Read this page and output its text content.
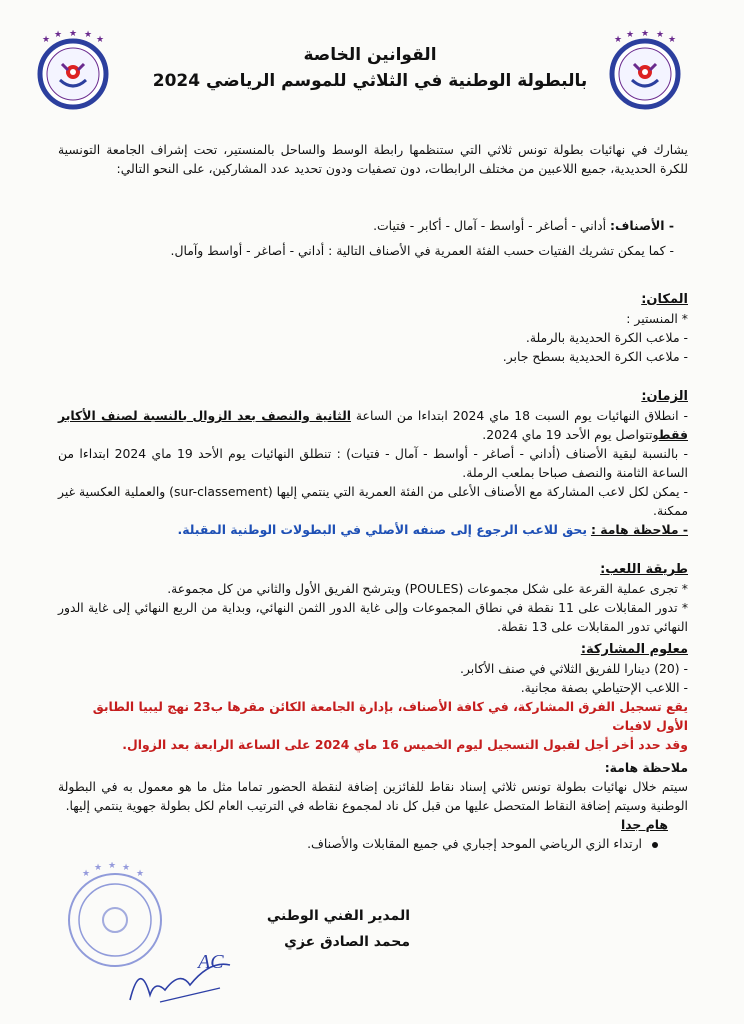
★ ★ ★ ★ ★	★ ★ ★ ★ ★
القوانين الخاصة
بالبطولة الوطنية في الثلاثي للموسم الرياضي 2024
يشارك في نهائيات بطولة تونس ثلاثي التي ستنظمها رابطة الوسط والساحل بالمنستير، تحت إشراف الجامعة التونسية للكرة الحديدية، جميع اللاعبين من مختلف الرابطات، دون تصفيات ودون تحديد عدد المشاركين، على النحو التالي:
- الأصناف: أداني - أصاغر - أواسط - آمال - أكابر - فتيات.
- كما يمكن تشريك الفتيات حسب الفئة العمرية في الأصناف التالية : أداني - أصاغر - أواسط وآمال.
المكان:
* المنستير :
- ملاعب الكرة الحديدية بالرملة.
- ملاعب الكرة الحديدية بسطح جابر.
الزمان:
- انطلاق النهائيات يوم السبت 18 ماي 2024 ابتداءا من الساعة الثانية والنصف بعد الزوال بالنسبة لصنف الأكابر فقطوتتواصل يوم الأحد 19 ماي 2024.
- بالنسبة لبقية الأصناف (أداني - أصاغر - أواسط - آمال - فتيات) : تنطلق النهائيات يوم الأحد 19 ماي 2024 ابتداءا من الساعة الثامنة والنصف صباحا بملعب الرملة.
- يمكن لكل لاعب المشاركة مع الأصناف الأعلى من الفئة العمرية التي ينتمي إليها (sur-classement) والعملية العكسية غير ممكنة.
- ملاحظة هامة : يحق للاعب الرجوع إلى صنفه الأصلي في البطولات الوطنية المقبلة.
طريقة اللعب:
* تجرى عملية القرعة على شكل مجموعات (POULES) ويترشح الفريق الأول والثاني من كل مجموعة.
* تدور المقابلات على 11 نقطة في نطاق المجموعات وإلى غاية الدور الثمن النهائي، وبداية من الربع النهائي إلى غاية الدور النهائي تدور المقابلات على 13 نقطة.
معلوم المشاركة:
- (20) دينارا للفريق الثلاثي في صنف الأكابر.
- اللاعب الإحتياطي بصفة مجانية.
يقع تسجيل الفرق المشاركة، في كافة الأصناف، بإدارة الجامعة الكائن مقرها ب23 نهج ليبيا الطابق الأول لافيات
وقد حدد أخر أجل لقبول التسجيل ليوم الخميس 16 ماي 2024 على الساعة الرابعة بعد الزوال.
ملاحظة هامة:
سيتم خلال نهائيات بطولة تونس ثلاثي إسناد نقاط للفائزين إضافة لنقطة الحضور تماما مثل ما هو معمول به في البطولة الوطنية وسيتم إضافة النقاط المتحصل عليها من قبل كل ناد لمجموع نقاطه في الترتيب العام لكل بطولة جهوية ينتمي إليها.
هام جدا
ارتداء الزي الرياضي الموحد إجباري في جميع المقابلات والأصناف.
★
★ ★ ★
★
المدير الفني الوطني
محمد الصادق عزي
AC
